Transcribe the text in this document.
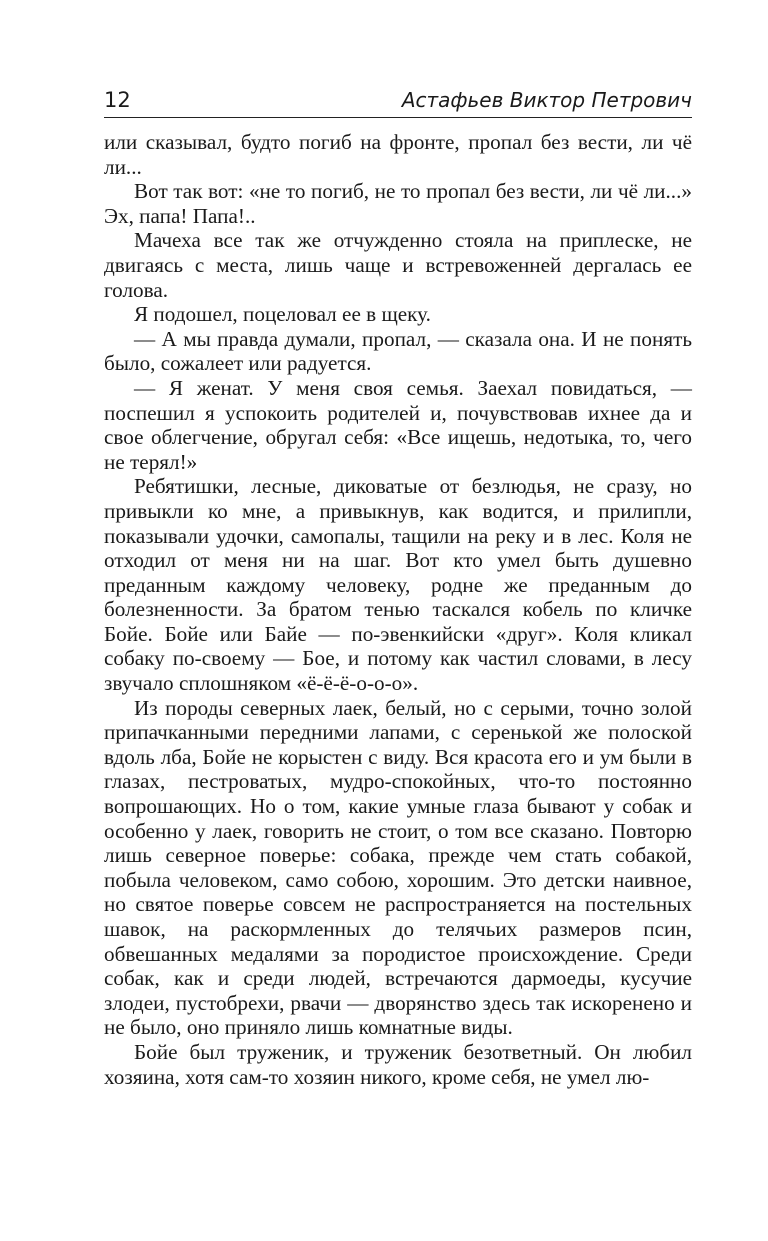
12	Астафьев Виктор Петрович

или сказывал, будто погиб на фронте, пропал без вести, ли чё ли...

Вот так вот: «не то погиб, не то пропал без вести, ли чё ли...» Эх, папа! Папа!..

Мачеха все так же отчужденно стояла на приплеске, не двигаясь с места, лишь чаще и встревоженней дергалась ее голова.

Я подошел, поцеловал ее в щеку.

— А мы правда думали, пропал, — сказала она. И не понять было, сожалеет или радуется.

— Я женат. У меня своя семья. Заехал повидаться, — поспешил я успокоить родителей и, почувствовав ихнее да и свое облегчение, обругал себя: «Все ищешь, недотыка, то, чего не терял!»

Ребятишки, лесные, диковатые от безлюдья, не сразу, но привыкли ко мне, а привыкнув, как водится, и прилипли, показывали удочки, самопалы, тащили на реку и в лес. Коля не отходил от меня ни на шаг. Вот кто умел быть душевно преданным каждому человеку, родне же преданным до болезненности. За братом тенью таскался кобель по кличке Бойе. Бойе или Байе — по-эвенкийски «друг». Коля кликал собаку по-своему — Бое, и потому как частил словами, в лесу звучало сплошняком «ё-ё-ё-о-о-о».

Из породы северных лаек, белый, но с серыми, точно золой припачканными передними лапами, с серенькой же полоской вдоль лба, Бойе не корыстен с виду. Вся красота его и ум были в глазах, пестроватых, мудро-спокойных, что-то постоянно вопрошающих. Но о том, какие умные глаза бывают у собак и особенно у лаек, говорить не стоит, о том все сказано. Повторю лишь северное поверье: собака, прежде чем стать собакой, побыла человеком, само собою, хорошим. Это детски наивное, но святое поверье совсем не распространяется на постельных шавок, на раскормленных до телячьих размеров псин, обвешанных медалями за породистое происхождение. Среди собак, как и среди людей, встречаются дармоеды, кусучие злодеи, пустобрехи, рвачи — дворянство здесь так искоренено и не было, оно приняло лишь комнатные виды.

Бойе был труженик, и труженик безответный. Он любил хозяина, хотя сам-то хозяин никого, кроме себя, не умел лю-
